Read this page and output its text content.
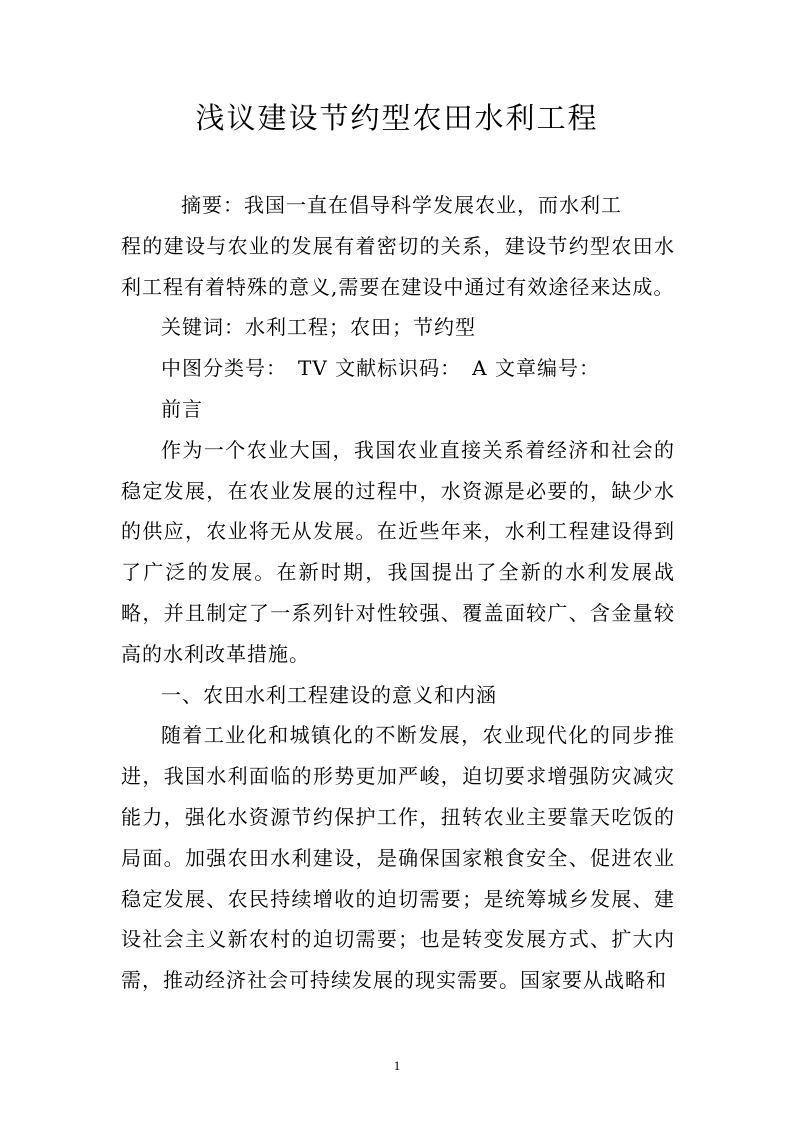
浅议建设节约型农田水利工程

摘要：我国一直在倡导科学发展农业，而水利工

程的建设与农业的发展有着密切的关系，建设节约型农田水利工程有着特殊的意义,需要在建设中通过有效途径来达成。

关键词：水利工程；农田；节约型

中图分类号：　TV 文献标识码：　A 文章编号：

前言

作为一个农业大国，我国农业直接关系着经济和社会的稳定发展，在农业发展的过程中，水资源是必要的，缺少水的供应，农业将无从发展。在近些年来，水利工程建设得到了广泛的发展。在新时期，我国提出了全新的水利发展战略，并且制定了一系列针对性较强、覆盖面较广、含金量较高的水利改革措施。

一、农田水利工程建设的意义和内涵

随着工业化和城镇化的不断发展，农业现代化的同步推进，我国水利面临的形势更加严峻，迫切要求增强防灾减灾能力，强化水资源节约保护工作，扭转农业主要靠天吃饭的局面。加强农田水利建设，是确保国家粮食安全、促进农业稳定发展、农民持续增收的迫切需要；是统筹城乡发展、建设社会主义新农村的迫切需要；也是转变发展方式、扩大内需，推动经济社会可持续发展的现实需要。国家要从战略和

1
